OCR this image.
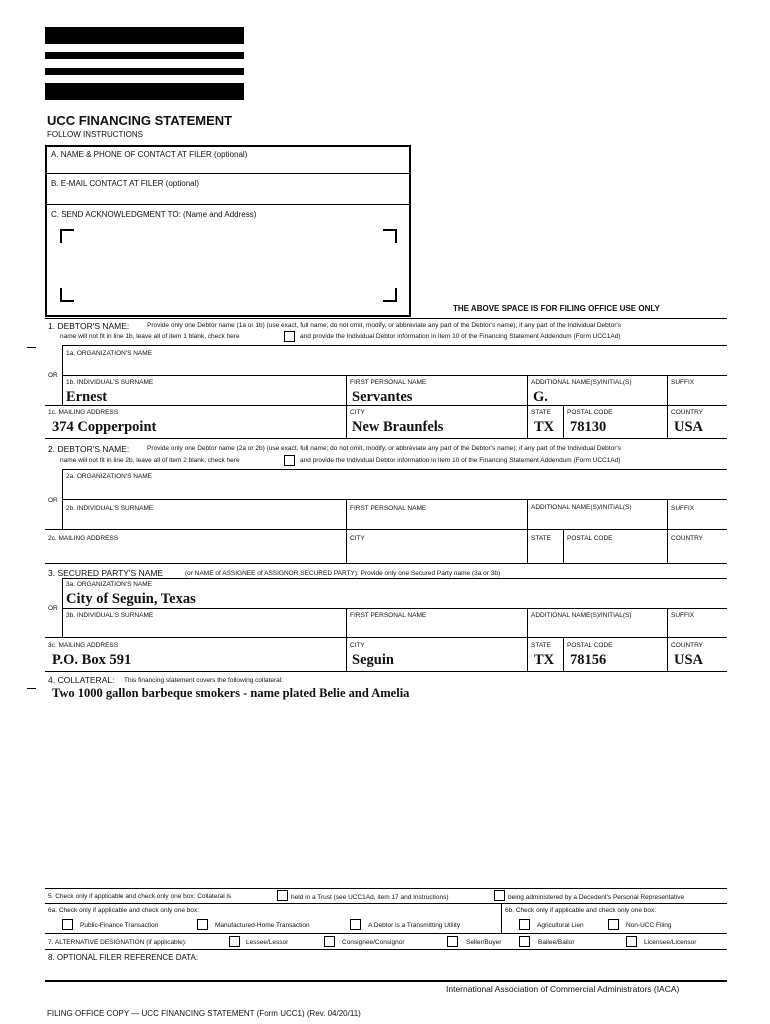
UCC FINANCING STATEMENT
FOLLOW INSTRUCTIONS
A. NAME & PHONE OF CONTACT AT FILER (optional)
B. E-MAIL CONTACT AT FILER (optional)
C. SEND ACKNOWLEDGMENT TO: (Name and Address)
THE ABOVE SPACE IS FOR FILING OFFICE USE ONLY
1. DEBTOR'S NAME:	Provide only one Debtor name (1a or 1b) (use exact, full name; do not omit, modify, or abbreviate any part of the Debtor's name); if any part of the Individual Debtor's
name will not fit in line 1b, leave all of item 1 blank, check here	and provide the Individual Debtor information in item 10 of the Financing Statement Addendum (Form UCC1Ad)
1a. ORGANIZATION'S NAME
OR
1b. INDIVIDUAL'S SURNAME	FIRST PERSONAL NAME	ADDITIONAL NAME(S)/INITIAL(S)	SUFFIX
Ernest	Servantes	G.
1c. MAILING ADDRESS	CITY	STATE POSTAL CODE	COUNTRY
374 Copperpoint	New Braunfels	TX 78130	USA
2. DEBTOR'S NAME:	Provide only one Debtor name (2a or 2b) (use exact, full name; do not omit, modify, or abbreviate any part of the Debtor's name); if any part of the Individual Debtor's
name will not fit in line 2b, leave all of item 2 blank, check here	and provide the Individual Debtor information in item 10 of the Financing Statement Addendum (Form UCC1Ad)
2a. ORGANIZATION'S NAME
OR
2b. INDIVIDUAL'S SURNAME	FIRST PERSONAL NAME	ADDITIONAL NAME(S)/INITIAL(S)	SUFFIX
2c. MAILING ADDRESS	CITY	STATE POSTAL CODE	COUNTRY
3. SECURED PARTY'S NAME	(or NAME of ASSIGNEE of ASSIGNOR SECURED PARTY): Provide only one Secured Party name (3a or 3b)
3a. ORGANIZATION'S NAME
City of Seguin, Texas
OR
3b. INDIVIDUAL'S SURNAME	FIRST PERSONAL NAME	ADDITIONAL NAME(S)/INITIAL(S)	SUFFIX
3c. MAILING ADDRESS	CITY	STATE POSTAL CODE	COUNTRY
P.O. Box 591	Seguin	TX 78156	USA
4. COLLATERAL: This financing statement covers the following collateral:
Two 1000 gallon barbeque smokers - name plated Belie and Amelia
5. Check only if applicable and check only one box: Collateral is	held in a Trust (see UCC1Ad, item 17 and Instructions)	being administered by a Decedent's Personal Representative
6a. Check only if applicable and check only one box:	6b. Check only if applicable and check only one box:
Public-Finance Transaction	Manufactured-Home Transaction	A Debtor is a Transmitting Utility	Agricultural Lien	Non-UCC Filing
7. ALTERNATIVE DESIGNATION (if applicable):	Lessee/Lessor	Consignee/Consignor	Seller/Buyer	Bailee/Bailor	Licensee/Licensor
8. OPTIONAL FILER REFERENCE DATA:
FILING OFFICE COPY — UCC FINANCING STATEMENT (Form UCC1) (Rev. 04/20/11)
International Association of Commercial Administrators (IACA)
